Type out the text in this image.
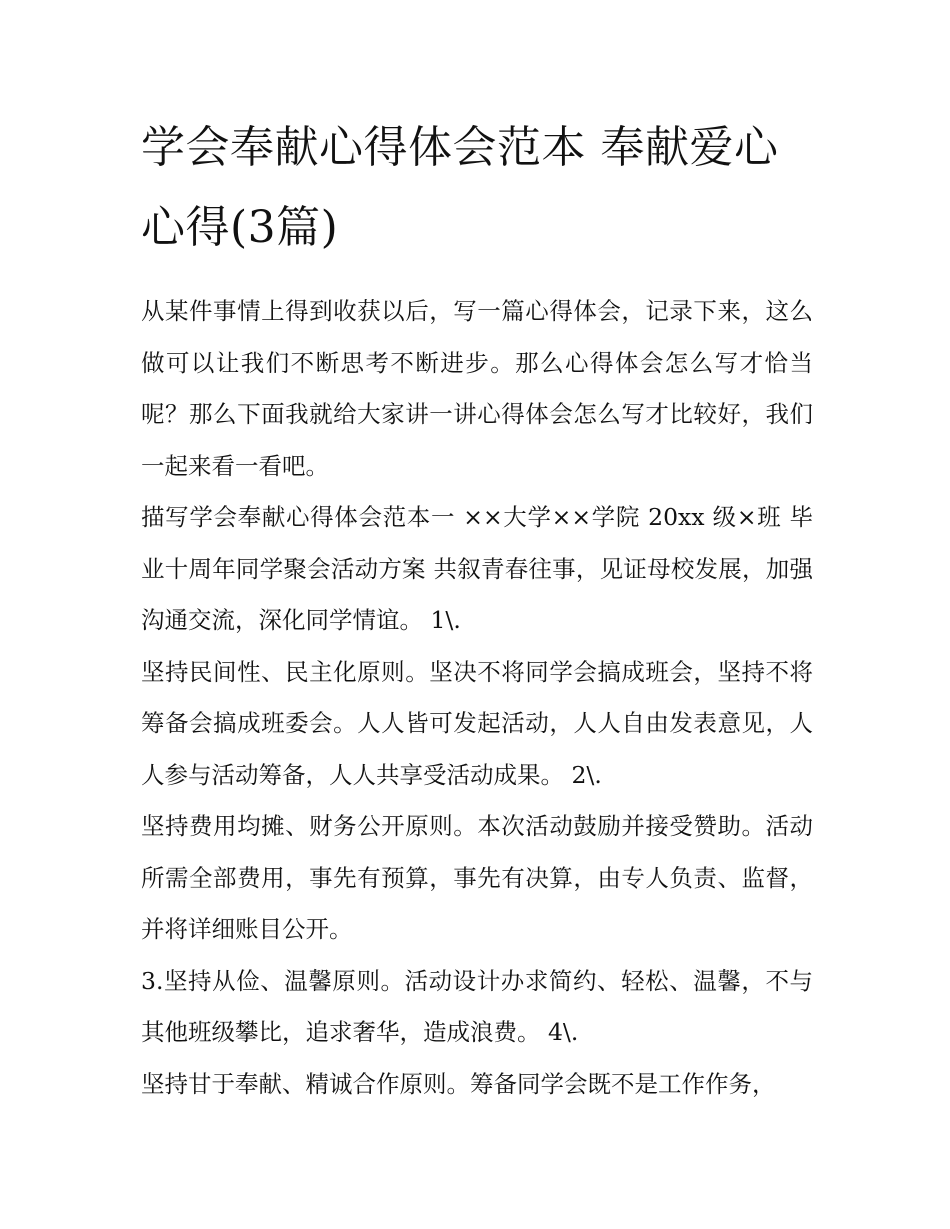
学会奉献心得体会范本 奉献爱心心得(3篇)

从某件事情上得到收获以后，写一篇心得体会，记录下来，这么做可以让我们不断思考不断进步。那么心得体会怎么写才恰当呢？那么下面我就给大家讲一讲心得体会怎么写才比较好，我们一起来看一看吧。

描写学会奉献心得体会范本一 ××大学××学院 20xx 级×班 毕业十周年同学聚会活动方案 共叙青春往事，见证母校发展，加强沟通交流，深化同学情谊。 1\.

坚持民间性、民主化原则。坚决不将同学会搞成班会，坚持不将筹备会搞成班委会。人人皆可发起活动，人人自由发表意见，人人参与活动筹备，人人共享受活动成果。 2\.

坚持费用均摊、财务公开原则。本次活动鼓励并接受赞助。活动所需全部费用，事先有预算，事先有决算，由专人负责、监督，并将详细账目公开。

3.坚持从俭、温馨原则。活动设计办求简约、轻松、温馨，不与其他班级攀比，追求奢华，造成浪费。 4\.

坚持甘于奉献、精诚合作原则。筹备同学会既不是工作作务，
